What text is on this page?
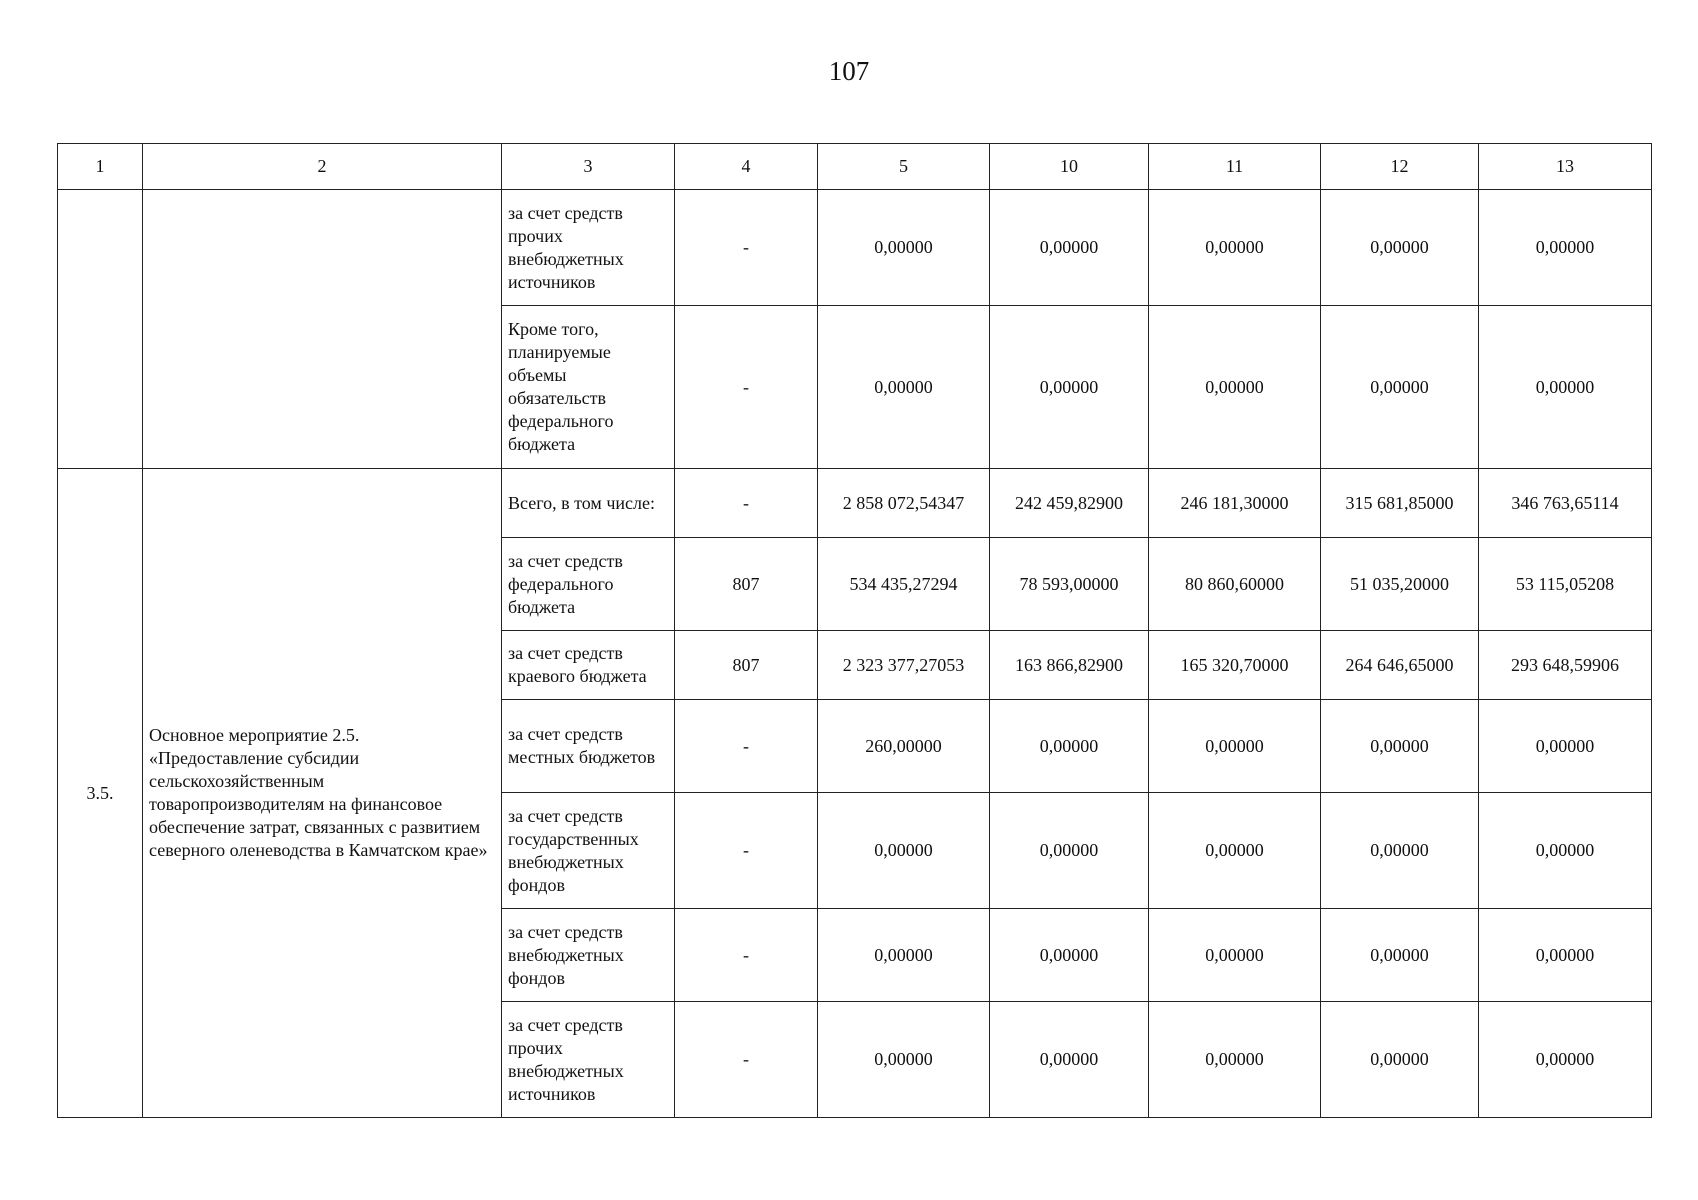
107
1	2	3	4	5	10	11	12	13
		за счет средств прочих внебюджетных источников	-	0,00000	0,00000	0,00000	0,00000	0,00000
		Кроме того, планируемые объемы обязательств федерального бюджета	-	0,00000	0,00000	0,00000	0,00000	0,00000
3.5.	Основное мероприятие 2.5. «Предоставление субсидии сельскохозяйственным товаропроизводителям на финансовое обеспечение затрат, связанных с развитием северного оленеводства в Камчатском крае»	Всего, в том числе:	-	2 858 072,54347	242 459,82900	246 181,30000	315 681,85000	346 763,65114
		за счет средств федерального бюджета	807	534 435,27294	78 593,00000	80 860,60000	51 035,20000	53 115,05208
		за счет средств краевого бюджета	807	2 323 377,27053	163 866,82900	165 320,70000	264 646,65000	293 648,59906
		за счет средств местных бюджетов	-	260,00000	0,00000	0,00000	0,00000	0,00000
		за счет средств государственных внебюджетных фондов	-	0,00000	0,00000	0,00000	0,00000	0,00000
		за счет средств внебюджетных фондов	-	0,00000	0,00000	0,00000	0,00000	0,00000
		за счет средств прочих внебюджетных источников	-	0,00000	0,00000	0,00000	0,00000	0,00000
